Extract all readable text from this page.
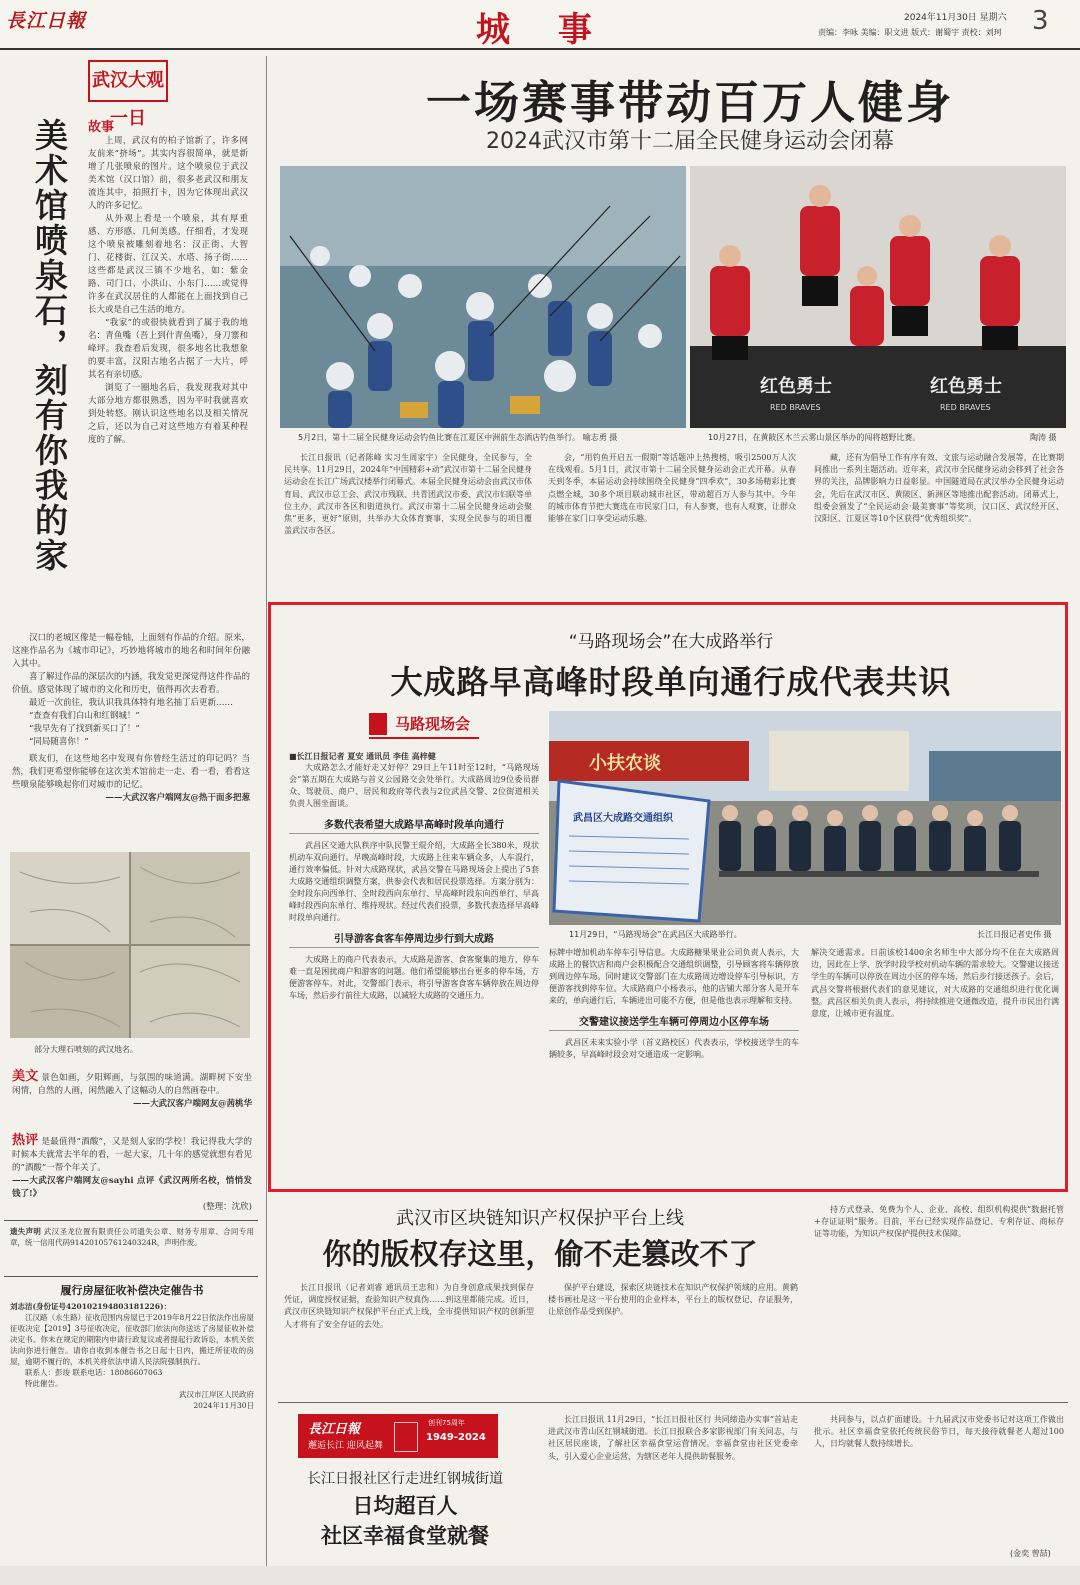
長江日報	城 事	2024年11月30日 星期六
责编：李咏 美编：职文进 版式：谢蜀宇 责校：刘珂 3
武汉大观一日
美术馆喷泉石，刻有你我的家 故事

上周，武汉有的柏子馆新了，许多网友前来“挤场”。其实内容很简单，就是新增了几张喷泉的图片。这个喷泉位于武汉美术馆（汉口馆）前，很多老武汉和朋友流连其中，拍照打卡，因为它体现出武汉人的许多记忆。

从外观上看是一个喷泉，其有厚重感、方形感、几何美感。仔细看，才发现这个喷泉被雕刻着地名：汉正街、大智门、花楼街、江汉关、水塔、扬子街……这些都是武汉三镇不少地名，如：紫金路、司门口、小洪山、小东门……或觉得许多在武汉居住的人都能在上面找到自己长大或是自己生活的地方。

“我家”的或很快就看到了属于我的地名：青鱼嘴（吾上到什青鱼嘴），身刀寨和峰坪。我查看后发现，很多地名比我想象的要丰富，汉阳古地名占据了一大片，呼其名有亲切感。

浏览了一圈地名后，我发现我对其中大部分地方都很熟悉，因为平时我就喜欢到处转悠。刚认识这些地名以及相关情况之后，还以为自己对这些地方有着某种程度的了解。

汉口的老城区像是一幅卷轴，上面刻有作品的介绍。原来，这座作品名为《城市印记》，巧妙地将城市的地名和时间年份融入其中。

喜了解过作品的深层次的内涵，我发觉更深觉得这件作品的价值。感觉体现了城市的文化和历史，值得再次去看看。

最近一次前往，我认识我具体特有地名抽丁后更新……

“查查有我们白山和红钢城！”

“我早先有了找到新买口了！”

“同局随喜你！”

联友们，在这些地名中发现有你曾经生活过的印记吗？当然，我们更希望你能够在这次美术馆前走一走、看一看，看看这些喷泉能够唤起你们对城市的记忆。

——大武汉客户端网友@热干面多把葱

部分大理石喷刻的武汉地名。

美文 景色如画，夕阳辉画，与氛围的味道满。湖畔树下安坐闲情，自然的人画，闲然融入了这幅动人的自然画卷中。

——大武汉客户端网友@茜桃华

热评 是最值得“酒酸”，又是刻人家的学校！我记得我大学的时候本夫就常去半年的看，一起大家，几十年的感觉就想有看见的“酒酸”一帮个年关了。

——大武汉客户端网友@sayhi 点评《武汉两所名校，悄悄发钱了!》

(整理：沈欣)

遗失声明 武汉圣龙位置有限责任公司遗失公章、财务专用章、合同专用章，统一信用代码91420105761240324R，声明作废。

履行房屋征收补偿决定催告书

刘志洁(身份证号420102194803181226)：

江汉路（永生路）征收范围内房屋已于2019年8月22日依法作出房屋征收决定【2019】3号征收决定，征收部门依法向你送达了房屋征收补偿决定书。你未在规定的期限内申请行政复议或者提起行政诉讼，本机关依法向你进行催告。请你自收到本催告书之日起十日内，搬迁所征收的房屋，逾期不履行的，本机关将依法申请人民法院强制执行。

联系人：彭竣 联系电话：18086607063

特此催告。

武汉市江岸区人民政府

2024年11月30日

一场赛事带动百万人健身
2024武汉市第十二届全民健身运动会闭幕
5月2日，第十二届全民健身运动会钓鱼比赛在江夏区中洲前生态酒店钓鱼举行。 喻志勇 摄
红色勇士	红色勇士
RED BRAVES	RED BRAVES
10月27日，在黄陂区木兰云雾山景区举办的闯将越野比赛。	陶涛 摄
长江日报讯（记者陈峰 实习生周家宇）全民健身，全民参与，全民共享。11月29日，2024年“中国精彩+动”武汉市第十二届全民健身运动会在长江广场武汉楼举行闭幕式。本届全民健身运动会由武汉市体育局、武汉市总工会、武汉市残联、共青团武汉市委、武汉市妇联等单位主办，武汉市各区和街道执行。武汉市第十二届全民健身运动会聚焦“更多，更好”原则，共举办大众体育赛事，实现全民参与的项目覆盖武汉市各区。
会，“用钓鱼开启五一假期”等话题冲上热搜榜，吸引2500万人次在线观看。5月1日，武汉市第十二届全民健身运动会正式开幕。从春天到冬季，本届运动会持续围绕全民健身“四季欢”，30多场精彩比赛点燃全城，30多个项目联动城市社区，带动超百万人参与其中。今年的城市体育节把大赛选在市民家门口，有人参赛，也有人观赛，让群众能够在家门口享受运动乐趣。
藏，还有为倡导工作有序有效、文旅与运动融合发展等，在比赛期间推出一系列主题活动。近年来，武汉市全民健身运动会移到了社会各界的关注，品牌影响力日益彰显。中国隧道局在武汉举办全民健身运动会，先后在武汉市区、黄陂区、新洲区等地推出配套活动。闭幕式上，组委会颁发了“全民运动会·最美赛事”等奖项，汉口区、武汉经开区、汉阳区、江夏区等10个区获得“优秀组织奖”。
“马路现场会”在大成路举行
大成路早高峰时段单向通行成代表共识
马路现场会

■长江日报记者 夏安 通讯员 李佳 高梓健

大成路怎么才能好走又好停？29日上午11时至12时，“马路现场会”第五期在大成路与首义公园路交会处举行。大成路周边9位委员群众、驾驶员、商户、居民和政府等代表与2位武昌交警、2位街道相关负责人围坐面谈。

多数代表希望大成路早高峰时段单向通行

武昌区交通大队秩序中队民警王琨介绍，大成路全长380米，现状机动车双向通行。早晚高峰时段，大成路上往来车辆众多，人车混行，通行效率偏低。针对大成路现状，武昌交警在马路现场会上提出了5套大成路交通组织调整方案，供参会代表和居民投票选择。方案分别为：全时段东向西单行、全时段西向东单行、早高峰时段东向西单行、早高峰时段西向东单行、维持现状。经过代表们投票，多数代表选择早高峰时段单向通行。

引导游客食客车停周边步行到大成路

大成路上的商户代表表示，大成路是游客、食客聚集的地方，停车难一直是困扰商户和游客的问题。他们希望能够出台更多的停车场，方便游客停车。对此，交警部门表示，将引导游客食客车辆停放在周边停车场，然后步行前往大成路，以减轻大成路的交通压力。

小扶农谈
武昌区大成路交通组织
11月29日，“马路现场会”在武昌区大成路举行。	长江日报记者史伟 摄

标牌中增加机动车停车引导信息。大成路糖果果业公司负责人表示，大成路上的餐饮店和商户会积极配合交通组织调整，引导顾客将车辆停放到周边停车场。同时建议交警部门在大成路周边增设停车引导标识，方便游客找到停车位。大成路商户小杨表示，他的店铺大部分客人是开车来的，单向通行后，车辆进出可能不方便，但是他也表示理解和支持。

交警建议接送学生车辆可停周边小区停车场

武昌区未来实验小学（首义路校区）代表表示，学校接送学生的车辆较多，早高峰时段会对交通造成一定影响。

解决交通需求。日前该校1400余名师生中大部分均不住在大成路周边，因此在上学、放学时段学校对机动车辆的需求较大。交警建议接送学生的车辆可以停放在周边小区的停车场，然后步行接送孩子。会后，武昌交警将根据代表们的意见建议，对大成路的交通组织进行优化调整。武昌区相关负责人表示，将持续推进交通微改造，提升市民出行满意度，让城市更有温度。
武汉市区块链知识产权保护平台上线
你的版权存这里，偷不走篡改不了
长江日报讯（记者刘睿 通讯员王忠和）为自身创意成果找到保存凭证，调度授权证据，查验知识产权真伪……到这里都能完成。近日，武汉市区块链知识产权保护平台正式上线，全市提供知识产权的创新型人才将有了安全存证的去处。
保护平台建设，探索区块链技术在知识产权保护领域的应用。黄鹤楼书画社是这一平台使用的企业样本，平台上的版权登记、存证服务，让原创作品受到保护。
持方式登录、免费为个人、企业、高校、组织机构提供“数据托管+存证证明”服务。目前，平台已经实现作品登记、专利存证、商标存证等功能，为知识产权保护提供技术保障。
長江日報
邂逅长江 迎风起舞
创刊75周年
1949-2024
长江日报社区行走进红钢城街道
日均超百人
社区幸福食堂就餐
长江日报讯 11月29日，“长江日报社区行 共同缔造办实事”首站走进武汉市青山区红钢城街道。长江日报联合多家影视部门有关同志，与社区居民座谈，了解社区幸福食堂运营情况。幸福食堂由社区党委牵头，引入爱心企业运营，为辖区老年人提供助餐服务。
共同参与，以点扩面建设。十九届武汉市党委书记对这项工作做出批示。社区幸福食堂依托传统民俗节日，每天接待就餐老人超过100人，日均就餐人数持续增长。
(金奕 曾喆)
